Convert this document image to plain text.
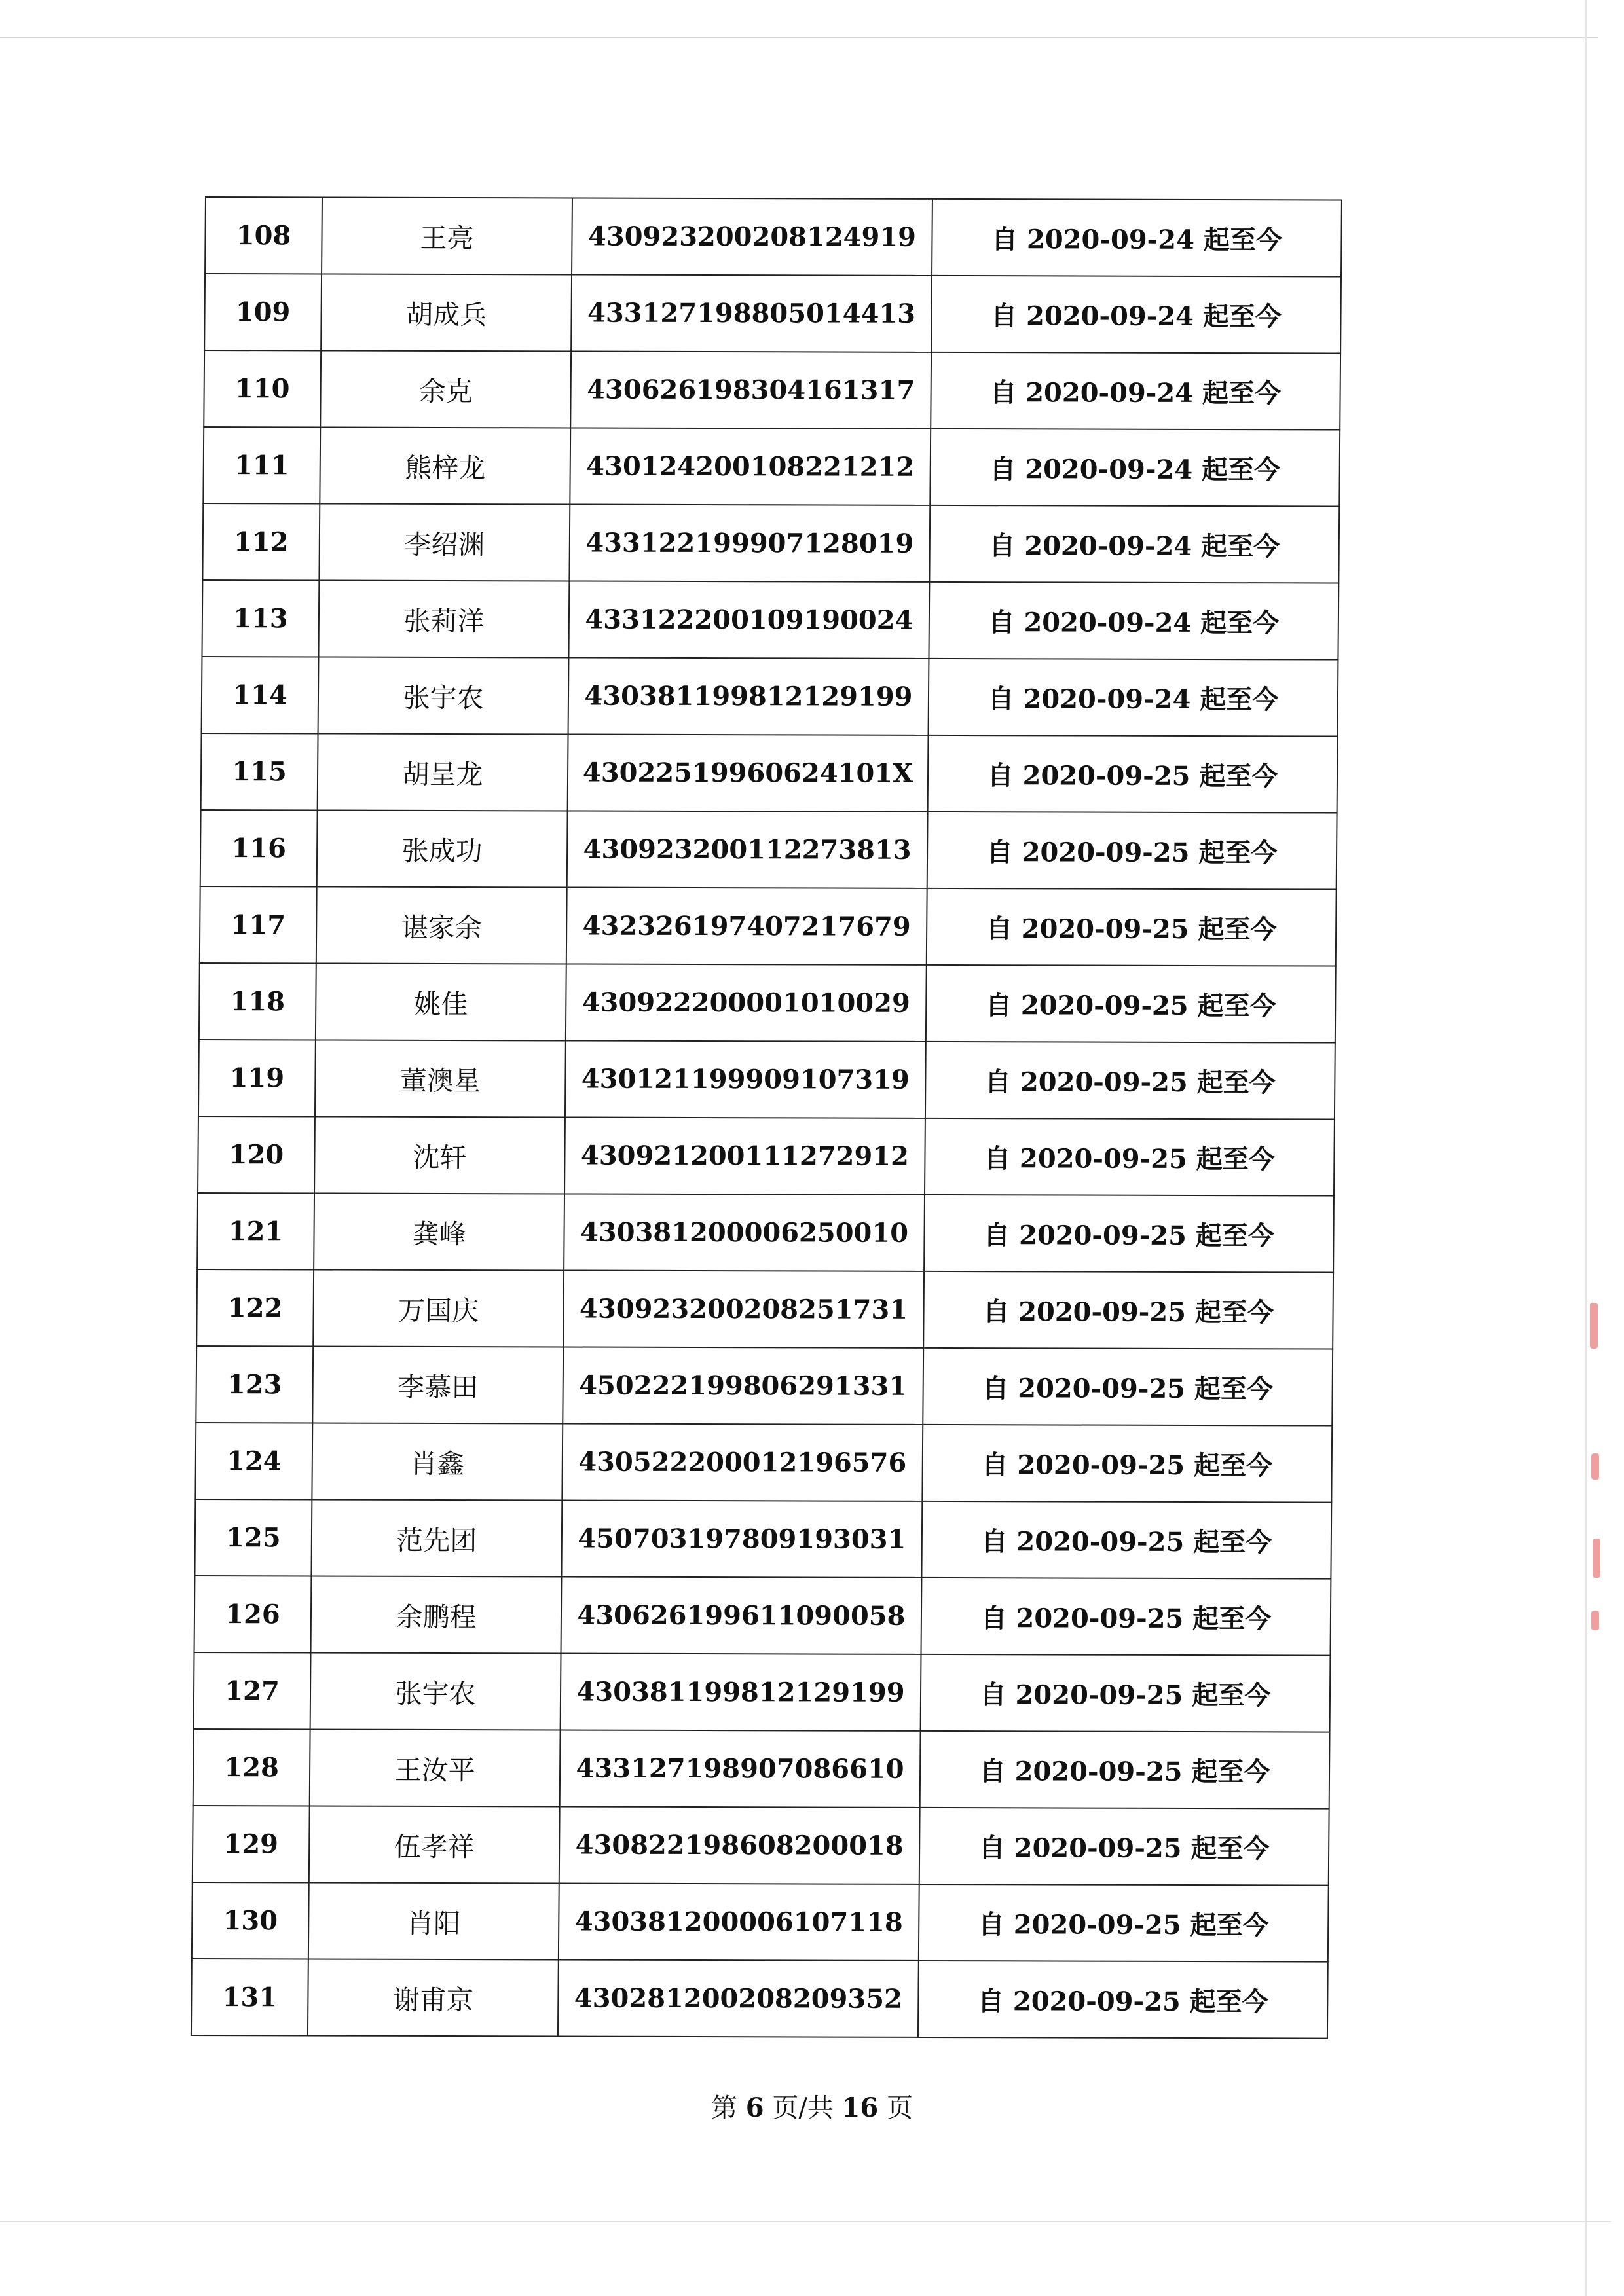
108	王亮	430923200208124919	自 2020-09-24 起至今
109	胡成兵	433127198805014413	自 2020-09-24 起至今
110	余克	430626198304161317	自 2020-09-24 起至今
111	熊梓龙	430124200108221212	自 2020-09-24 起至今
112	李绍渊	433122199907128019	自 2020-09-24 起至今
113	张莉洋	433122200109190024	自 2020-09-24 起至今
114	张宇农	430381199812129199	自 2020-09-24 起至今
115	胡呈龙	43022519960624101X	自 2020-09-25 起至今
116	张成功	430923200112273813	自 2020-09-25 起至今
117	谌家余	432326197407217679	自 2020-09-25 起至今
118	姚佳	430922200001010029	自 2020-09-25 起至今
119	董澳星	430121199909107319	自 2020-09-25 起至今
120	沈轩	430921200111272912	自 2020-09-25 起至今
121	龚峰	430381200006250010	自 2020-09-25 起至今
122	万国庆	430923200208251731	自 2020-09-25 起至今
123	李慕田	450222199806291331	自 2020-09-25 起至今
124	肖鑫	430522200012196576	自 2020-09-25 起至今
125	范先团	450703197809193031	自 2020-09-25 起至今
126	余鹏程	430626199611090058	自 2020-09-25 起至今
127	张宇农	430381199812129199	自 2020-09-25 起至今
128	王汝平	433127198907086610	自 2020-09-25 起至今
129	伍孝祥	430822198608200018	自 2020-09-25 起至今
130	肖阳	430381200006107118	自 2020-09-25 起至今
131	谢甫京	430281200208209352	自 2020-09-25 起至今
第 6 页/共 16 页
